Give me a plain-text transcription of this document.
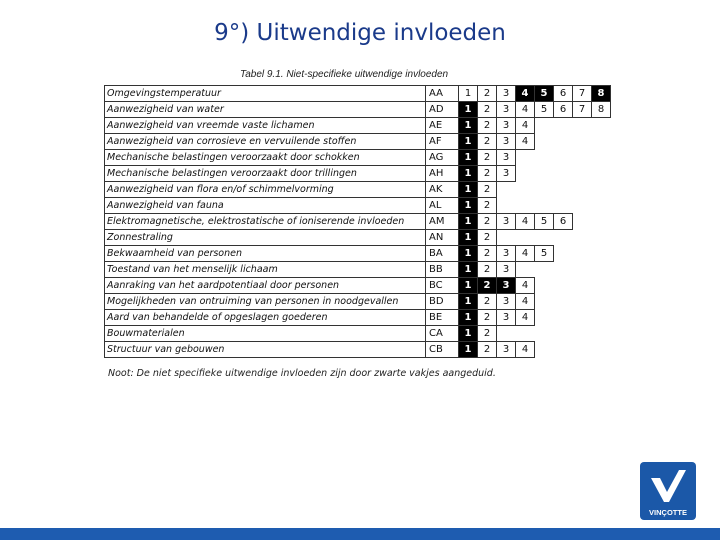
9°) Uitwendige invloeden
Tabel 9.1. Niet-specifieke uitwendige invloeden
Omgevingstemperatuur	AA	1	2	3	4	5	6	7	8
Aanwezigheid van water	AD	1	2	3	4	5	6	7	8
Aanwezigheid van vreemde vaste lichamen	AE	1	2	3	4				
Aanwezigheid van corrosieve en vervuilende stoffen	AF	1	2	3	4				
Mechanische belastingen veroorzaakt door schokken	AG	1	2	3					
Mechanische belastingen veroorzaakt door trillingen	AH	1	2	3					
Aanwezigheid van flora en/of schimmelvorming	AK	1	2						
Aanwezigheid van fauna	AL	1	2						
Elektromagnetische, elektrostatische of ioniserende invloeden	AM	1	2	3	4	5	6		
Zonnestraling	AN	1	2						
Bekwaamheid van personen	BA	1	2	3	4	5			
Toestand van het menselijk lichaam	BB	1	2	3					
Aanraking van het aardpotentiaal door personen	BC	1	2	3	4				
Mogelijkheden van ontruiming van personen in noodgevallen	BD	1	2	3	4				
Aard van behandelde of opgeslagen goederen	BE	1	2	3	4				
Bouwmaterialen	CA	1	2						
Structuur van gebouwen	CB	1	2	3	4				
Noot: De niet specifieke uitwendige invloeden zijn door zwarte vakjes aangeduid.
VINÇOTTE
